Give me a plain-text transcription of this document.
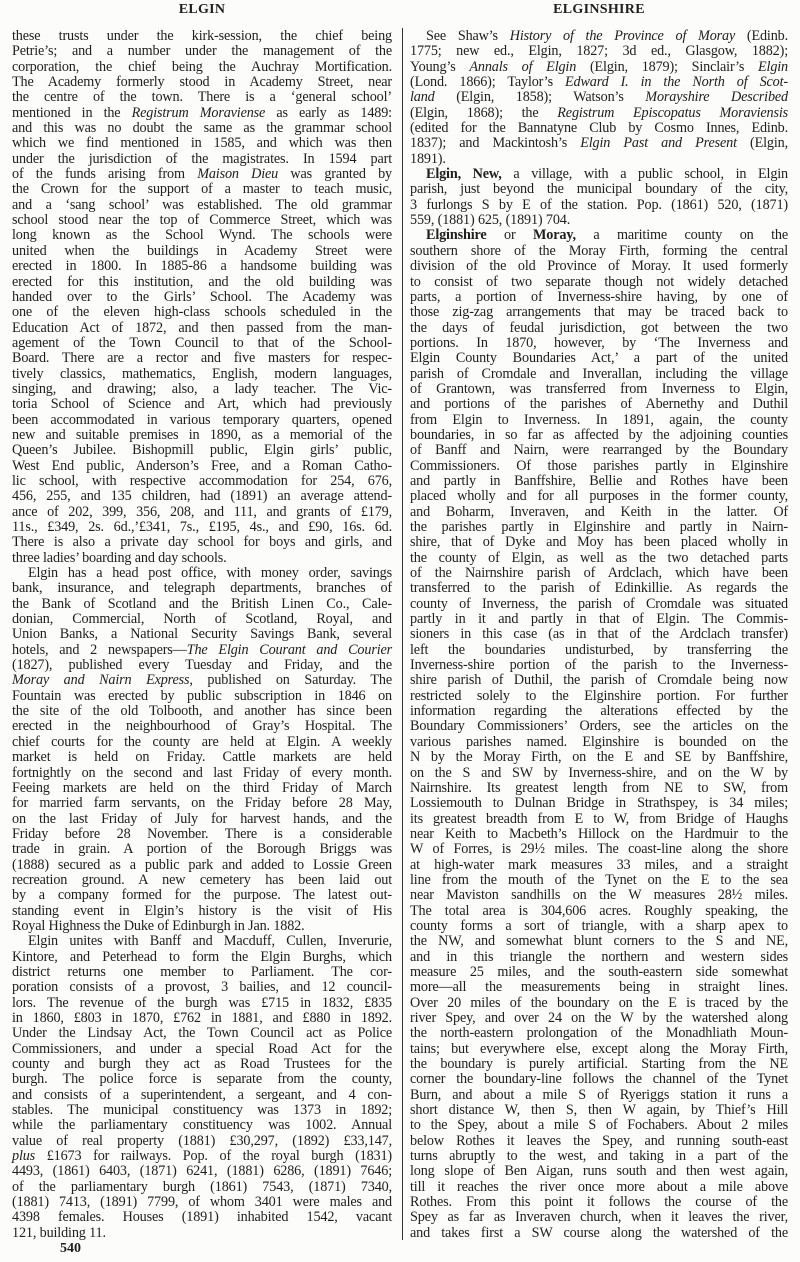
ELGIN	ELGINSHIRE
these trusts under the kirk-session, the chief being
Petrie’s; and a number under the management of the
corporation, the chief being the Auchray Mortification.
The Academy formerly stood in Academy Street, near
the centre of the town. There is a ‘general school’
mentioned in the Registrum Moraviense as early as 1489:
and this was no doubt the same as the grammar school
which we find mentioned in 1585, and which was then
under the jurisdiction of the magistrates. In 1594 part
of the funds arising from Maison Dieu was granted by
the Crown for the support of a master to teach music,
and a ‘sang school’ was established. The old grammar
school stood near the top of Commerce Street, which was
long known as the School Wynd. The schools were
united when the buildings in Academy Street were
erected in 1800. In 1885-86 a handsome building was
erected for this institution, and the old building was
handed over to the Girls’ School. The Academy was
one of the eleven high-class schools scheduled in the
Education Act of 1872, and then passed from the man-
agement of the Town Council to that of the School-
Board. There are a rector and five masters for respec-
tively classics, mathematics, English, modern languages,
singing, and drawing; also, a lady teacher. The Vic-
toria School of Science and Art, which had previously
been accommodated in various temporary quarters, opened
new and suitable premises in 1890, as a memorial of the
Queen’s Jubilee. Bishopmill public, Elgin girls’ public,
West End public, Anderson’s Free, and a Roman Catho-
lic school, with respective accommodation for 254, 676,
456, 255, and 135 children, had (1891) an average attend-
ance of 202, 399, 356, 208, and 111, and grants of £179,
11s., £349, 2s. 6d.,’£341, 7s., £195, 4s., and £90, 16s. 6d.
There is also a private day school for boys and girls, and
three ladies’ boarding and day schools.
Elgin has a head post office, with money order, savings
bank, insurance, and telegraph departments, branches of
the Bank of Scotland and the British Linen Co., Cale-
donian, Commercial, North of Scotland, Royal, and
Union Banks, a National Security Savings Bank, several
hotels, and 2 newspapers—The Elgin Courant and Courier
(1827), published every Tuesday and Friday, and the
Moray and Nairn Express, published on Saturday. The
Fountain was erected by public subscription in 1846 on
the site of the old Tolbooth, and another has since been
erected in the neighbourhood of Gray’s Hospital. The
chief courts for the county are held at Elgin. A weekly
market is held on Friday. Cattle markets are held
fortnightly on the second and last Friday of every month.
Feeing markets are held on the third Friday of March
for married farm servants, on the Friday before 28 May,
on the last Friday of July for harvest hands, and the
Friday before 28 November. There is a considerable
trade in grain. A portion of the Borough Briggs was
(1888) secured as a public park and added to Lossie Green
recreation ground. A new cemetery has been laid out
by a company formed for the purpose. The latest out-
standing event in Elgin’s history is the visit of His
Royal Highness the Duke of Edinburgh in Jan. 1882.
Elgin unites with Banff and Macduff, Cullen, Inverurie,
Kintore, and Peterhead to form the Elgin Burghs, which
district returns one member to Parliament. The cor-
poration consists of a provost, 3 bailies, and 12 council-
lors. The revenue of the burgh was £715 in 1832, £835
in 1860, £803 in 1870, £762 in 1881, and £880 in 1892.
Under the Lindsay Act, the Town Council act as Police
Commissioners, and under a special Road Act for the
county and burgh they act as Road Trustees for the
burgh. The police force is separate from the county,
and consists of a superintendent, a sergeant, and 4 con-
stables. The municipal constituency was 1373 in 1892;
while the parliamentary constituency was 1002. Annual
value of real property (1881) £30,297, (1892) £33,147,
plus £1673 for railways. Pop. of the royal burgh (1831)
4493, (1861) 6403, (1871) 6241, (1881) 6286, (1891) 7646;
of the parliamentary burgh (1861) 7543, (1871) 7340,
(1881) 7413, (1891) 7799, of whom 3401 were males and
4398 females. Houses (1891) inhabited 1542, vacant
121, building 11.
See Shaw’s History of the Province of Moray (Edinb.
1775; new ed., Elgin, 1827; 3d ed., Glasgow, 1882);
Young’s Annals of Elgin (Elgin, 1879); Sinclair’s Elgin
(Lond. 1866); Taylor’s Edward I. in the North of Scot-
land (Elgin, 1858); Watson’s Morayshire Described
(Elgin, 1868); the Registrum Episcopatus Moraviensis
(edited for the Bannatyne Club by Cosmo Innes, Edinb.
1837); and Mackintosh’s Elgin Past and Present (Elgin,
1891).
Elgin, New, a village, with a public school, in Elgin
parish, just beyond the municipal boundary of the city,
3 furlongs S by E of the station. Pop. (1861) 520, (1871)
559, (1881) 625, (1891) 704.
Elginshire or Moray, a maritime county on the
southern shore of the Moray Firth, forming the central
division of the old Province of Moray. It used formerly
to consist of two separate though not widely detached
parts, a portion of Inverness-shire having, by one of
those zig-zag arrangements that may be traced back to
the days of feudal jurisdiction, got between the two
portions. In 1870, however, by ‘The Inverness and
Elgin County Boundaries Act,’ a part of the united
parish of Cromdale and Inverallan, including the village
of Grantown, was transferred from Inverness to Elgin,
and portions of the parishes of Abernethy and Duthil
from Elgin to Inverness. In 1891, again, the county
boundaries, in so far as affected by the adjoining counties
of Banff and Nairn, were rearranged by the Boundary
Commissioners. Of those parishes partly in Elginshire
and partly in Banffshire, Bellie and Rothes have been
placed wholly and for all purposes in the former county,
and Boharm, Inveraven, and Keith in the latter. Of
the parishes partly in Elginshire and partly in Nairn-
shire, that of Dyke and Moy has been placed wholly in
the county of Elgin, as well as the two detached parts
of the Nairnshire parish of Ardclach, which have been
transferred to the parish of Edinkillie. As regards the
county of Inverness, the parish of Cromdale was situated
partly in it and partly in that of Elgin. The Commis-
sioners in this case (as in that of the Ardclach transfer)
left the boundaries undisturbed, by transferring the
Inverness-shire portion of the parish to the Inverness-
shire parish of Duthil, the parish of Cromdale being now
restricted solely to the Elginshire portion. For further
information regarding the alterations effected by the
Boundary Commissioners’ Orders, see the articles on the
various parishes named. Elginshire is bounded on the
N by the Moray Firth, on the E and SE by Banffshire,
on the S and SW by Inverness-shire, and on the W by
Nairnshire. Its greatest length from NE to SW, from
Lossiemouth to Dulnan Bridge in Strathspey, is 34 miles;
its greatest breadth from E to W, from Bridge of Haughs
near Keith to Macbeth’s Hillock on the Hardmuir to the
W of Forres, is 29½ miles. The coast-line along the shore
at high-water mark measures 33 miles, and a straight
line from the mouth of the Tynet on the E to the sea
near Maviston sandhills on the W measures 28½ miles.
The total area is 304,606 acres. Roughly speaking, the
county forms a sort of triangle, with a sharp apex to
the NW, and somewhat blunt corners to the S and NE,
and in this triangle the northern and western sides
measure 25 miles, and the south-eastern side somewhat
more—all the measurements being in straight lines.
Over 20 miles of the boundary on the E is traced by the
river Spey, and over 24 on the W by the watershed along
the north-eastern prolongation of the Monadhliath Moun-
tains; but everywhere else, except along the Moray Firth,
the boundary is purely artificial. Starting from the NE
corner the boundary-line follows the channel of the Tynet
Burn, and about a mile S of Ryeriggs station it runs a
short distance W, then S, then W again, by Thief’s Hill
to the Spey, about a mile S of Fochabers. About 2 miles
below Rothes it leaves the Spey, and running south-east
turns abruptly to the west, and taking in a part of the
long slope of Ben Aigan, runs south and then west again,
till it reaches the river once more about a mile above
Rothes. From this point it follows the course of the
Spey as far as Inveraven church, when it leaves the river,
and takes first a SW course along the watershed of the
540
